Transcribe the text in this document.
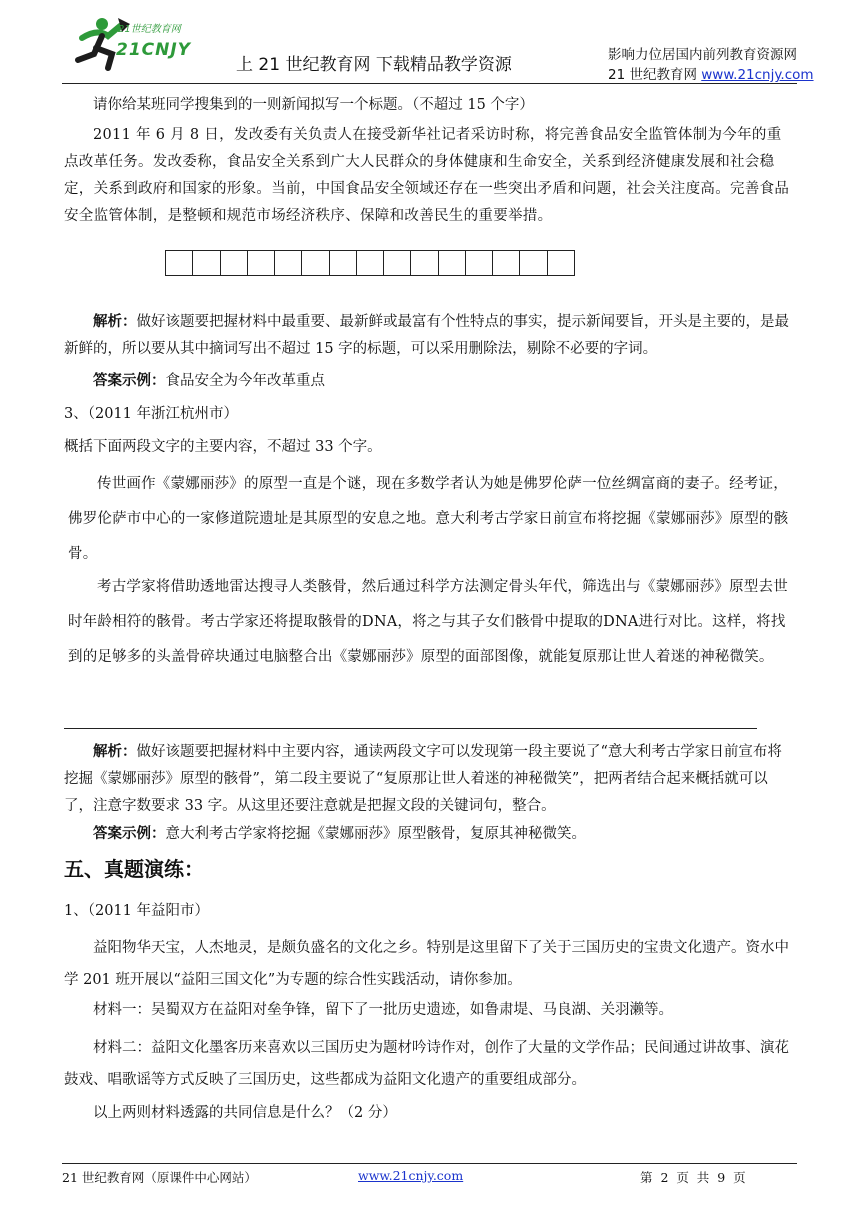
21世纪教育网
21CNJY
上 21 世纪教育网 下载精品教学资源	影响力位居国内前列教育资源网
21 世纪教育网 www.21cnjy.com
请你给某班同学搜集到的一则新闻拟写一个标题。（不超过 15 个字）
2011 年 6 月 8 日，发改委有关负责人在接受新华社记者采访时称，将完善食品安全监管体制为今年的重点改革任务。发改委称，食品安全关系到广大人民群众的身体健康和生命安全，关系到经济健康发展和社会稳定，关系到政府和国家的形象。当前，中国食品安全领域还存在一些突出矛盾和问题，社会关注度高。完善食品安全监管体制，是整顿和规范市场经济秩序、保障和改善民生的重要举措。
解析：做好该题要把握材料中最重要、最新鲜或最富有个性特点的事实，提示新闻要旨，开头是主要的，是最新鲜的，所以要从其中摘词写出不超过 15 字的标题，可以采用删除法，剔除不必要的字词。
答案示例：食品安全为今年改革重点
3、（2011 年浙江杭州市）
概括下面两段文字的主要内容，不超过 33 个字。
传世画作《蒙娜丽莎》的原型一直是个谜，现在多数学者认为她是佛罗伦萨一位丝绸富商的妻子。经考证，佛罗伦萨市中心的一家修道院遗址是其原型的安息之地。意大利考古学家日前宣布将挖掘《蒙娜丽莎》原型的骸骨。
考古学家将借助透地雷达搜寻人类骸骨，然后通过科学方法测定骨头年代，筛选出与《蒙娜丽莎》原型去世时年龄相符的骸骨。考古学家还将提取骸骨的DNA，将之与其子女们骸骨中提取的DNA进行对比。这样，将找到的足够多的头盖骨碎块通过电脑整合出《蒙娜丽莎》原型的面部图像，就能复原那让世人着迷的神秘微笑。
解析：做好该题要把握材料中主要内容，通读两段文字可以发现第一段主要说了“意大利考古学家日前宣布将挖掘《蒙娜丽莎》原型的骸骨”，第二段主要说了“复原那让世人着迷的神秘微笑”，把两者结合起来概括就可以了，注意字数要求 33 字。从这里还要注意就是把握文段的关键词句，整合。
答案示例：意大利考古学家将挖掘《蒙娜丽莎》原型骸骨，复原其神秘微笑。
五、真题演练：
1、（2011 年益阳市）
益阳物华天宝，人杰地灵，是颇负盛名的文化之乡。特别是这里留下了关于三国历史的宝贵文化遗产。资水中学 201 班开展以“益阳三国文化”为专题的综合性实践活动，请你参加。
材料一：吴蜀双方在益阳对垒争锋，留下了一批历史遗迹，如鲁肃堤、马良湖、关羽濑等。
材料二：益阳文化墨客历来喜欢以三国历史为题材吟诗作对，创作了大量的文学作品；民间通过讲故事、演花鼓戏、唱歌谣等方式反映了三国历史，这些都成为益阳文化遗产的重要组成部分。
以上两则材料透露的共同信息是什么？（2 分）
21 世纪教育网（原课件中心网站）	www.21cnjy.com	第  2  页  共  9  页
